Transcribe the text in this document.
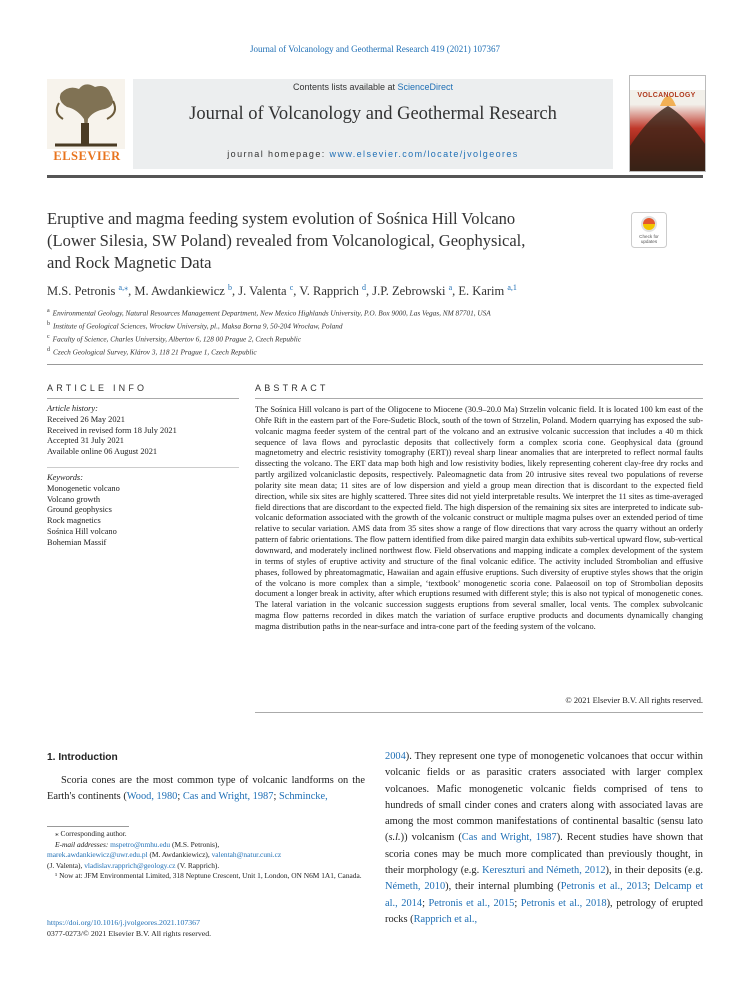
Journal of Volcanology and Geothermal Research 419 (2021) 107367
ELSEVIER
Contents lists available at ScienceDirect
Journal of Volcanology and Geothermal Research
journal homepage: www.elsevier.com/locate/jvolgeores
VOLCANOLOGY
Eruptive and magma feeding system evolution of Sośnica Hill Volcano
(Lower Silesia, SW Poland) revealed from Volcanological, Geophysical,
and Rock Magnetic Data
Check for
updates
M.S. Petronis $^{a,⁎}$, M. Awdankiewicz $^b$, J. Valenta $^c$, V. Rapprich $^d$, J.P. Zebrowski $^a$, E. Karim $^{a,1}$
$^a$ Environmental Geology, Natural Resources Management Department, New Mexico Highlands University, P.O. Box 9000, Las Vegas, NM 87701, USA
$^b$ Institute of Geological Sciences, Wrocław University, pl., Maksa Borna 9, 50-204 Wrocław, Poland
$^c$ Faculty of Science, Charles University, Albertov 6, 128 00 Prague 2, Czech Republic
$^d$ Czech Geological Survey, Klárov 3, 118 21 Prague 1, Czech Republic
ARTICLE INFO
Article history:
Received 26 May 2021
Received in revised form 18 July 2021
Accepted 31 July 2021
Available online 06 August 2021
Keywords:
Monogenetic volcano
Volcano growth
Ground geophysics
Rock magnetics
Sośnica Hill volcano
Bohemian Massif
ABSTRACT
The Sośnica Hill volcano is part of the Oligocene to Miocene (30.9–20.0 Ma) Strzelin volcanic field. It is located 100 km east of the Ohře Rift in the eastern part of the Fore-Sudetic Block, south of the town of Strzelin, Poland. Modern quarrying has exposed the sub-volcanic magma feeder system of the central part of the volcano and an extrusive volcanic succession that includes a 40 m thick sequence of lava flows and pyroclastic deposits that collectively form a complex scoria cone. Geophysical data (ground magnetometry and electric resistivity tomography (ERT)) reveal sharp linear anomalies that are interpreted to reflect normal faults dissecting the volcano. The ERT data map both high and low resistivity bodies, likely representing coherent clay-free dry rocks and partly argilized volcaniclastic deposits, respectively. Paleomagnetic data from 20 intrusive sites reveal two populations of reverse polarity site mean data; 11 sites are of low dispersion and yield a group mean direction that is discordant to the expected field direction, while six sites are highly scattered. Three sites did not yield interpretable results. We interpret the 11 sites as time-averaged field directions that are discordant to the expected field. The high dispersion of the remaining six sites are interpreted to indicate sub-volcanic deformation associated with the growth of the volcanic construct or multiple magma pulses over an extended period of time relative to secular variation. AMS data from 35 sites show a range of flow directions that vary across the quarry without an orderly pattern of fabric orientations. The flow pattern identified from dike paired margin data exhibits sub-vertical upward flow, sub-vertical downward, and moderately inclined northwest flow. Field observations and mapping indicate a complex development of the system in terms of styles of eruptive activity and structure of the final volcanic edifice. The activity included Strombolian and effusive phases, followed by phreatomagmatic, Hawaiian and again effusive eruptions. Such diversity of eruptive styles shows that the origin of the volcano is more complex than a simple, ‘textbook’ monogenetic scoria cone. Palaeosoil on top of Strombolian deposits document a longer break in activity, after which eruptions resumed with different style; this is also not typical of monogenetic cones. The lateral variation in the volcanic succession suggests eruptions from several smaller, local vents. The complex subvolcanic magma flow patterns recorded in dikes match the variation of surface eruptive products and documents dynamically changing magma distribution paths in the near-surface and intra-cone part of the feeding system of the volcano.
© 2021 Elsevier B.V. All rights reserved.
1. Introduction
Scoria cones are the most common type of volcanic landforms on the Earth's continents (Wood, 1980; Cas and Wright, 1987; Schmincke,
2004). They represent one type of monogenetic volcanoes that occur within volcanic fields or as parasitic craters associated with larger complex volcanoes. Mafic monogenetic volcanic fields comprised of tens to hundreds of small cinder cones and craters along with associated lavas are among the most common manifestations of continental basaltic (sensu lato (s.l.)) volcanism (Cas and Wright, 1987). Recent studies have shown that scoria cones may be much more complicated than previously thought, in their morphology (e.g. Kereszturi and Németh, 2012), in their deposits (e.g. Németh, 2010), their internal plumbing (Petronis et al., 2013; Delcamp et al., 2014; Petronis et al., 2015; Petronis et al., 2018), petrology of erupted rocks (Rapprich et al.,
⁎ Corresponding author.
E-mail addresses: mspetro@nmhu.edu (M.S. Petronis),
marek.awdankiewicz@uwr.edu.pl (M. Awdankiewicz), valentah@natur.cuni.cz
(J. Valenta), vladislav.rapprich@geology.cz (V. Rapprich).
¹ Now at: JFM Environmental Limited, 318 Neptune Crescent, Unit 1, London, ON N6M 1A1, Canada.
https://doi.org/10.1016/j.jvolgeores.2021.107367
0377-0273/© 2021 Elsevier B.V. All rights reserved.
